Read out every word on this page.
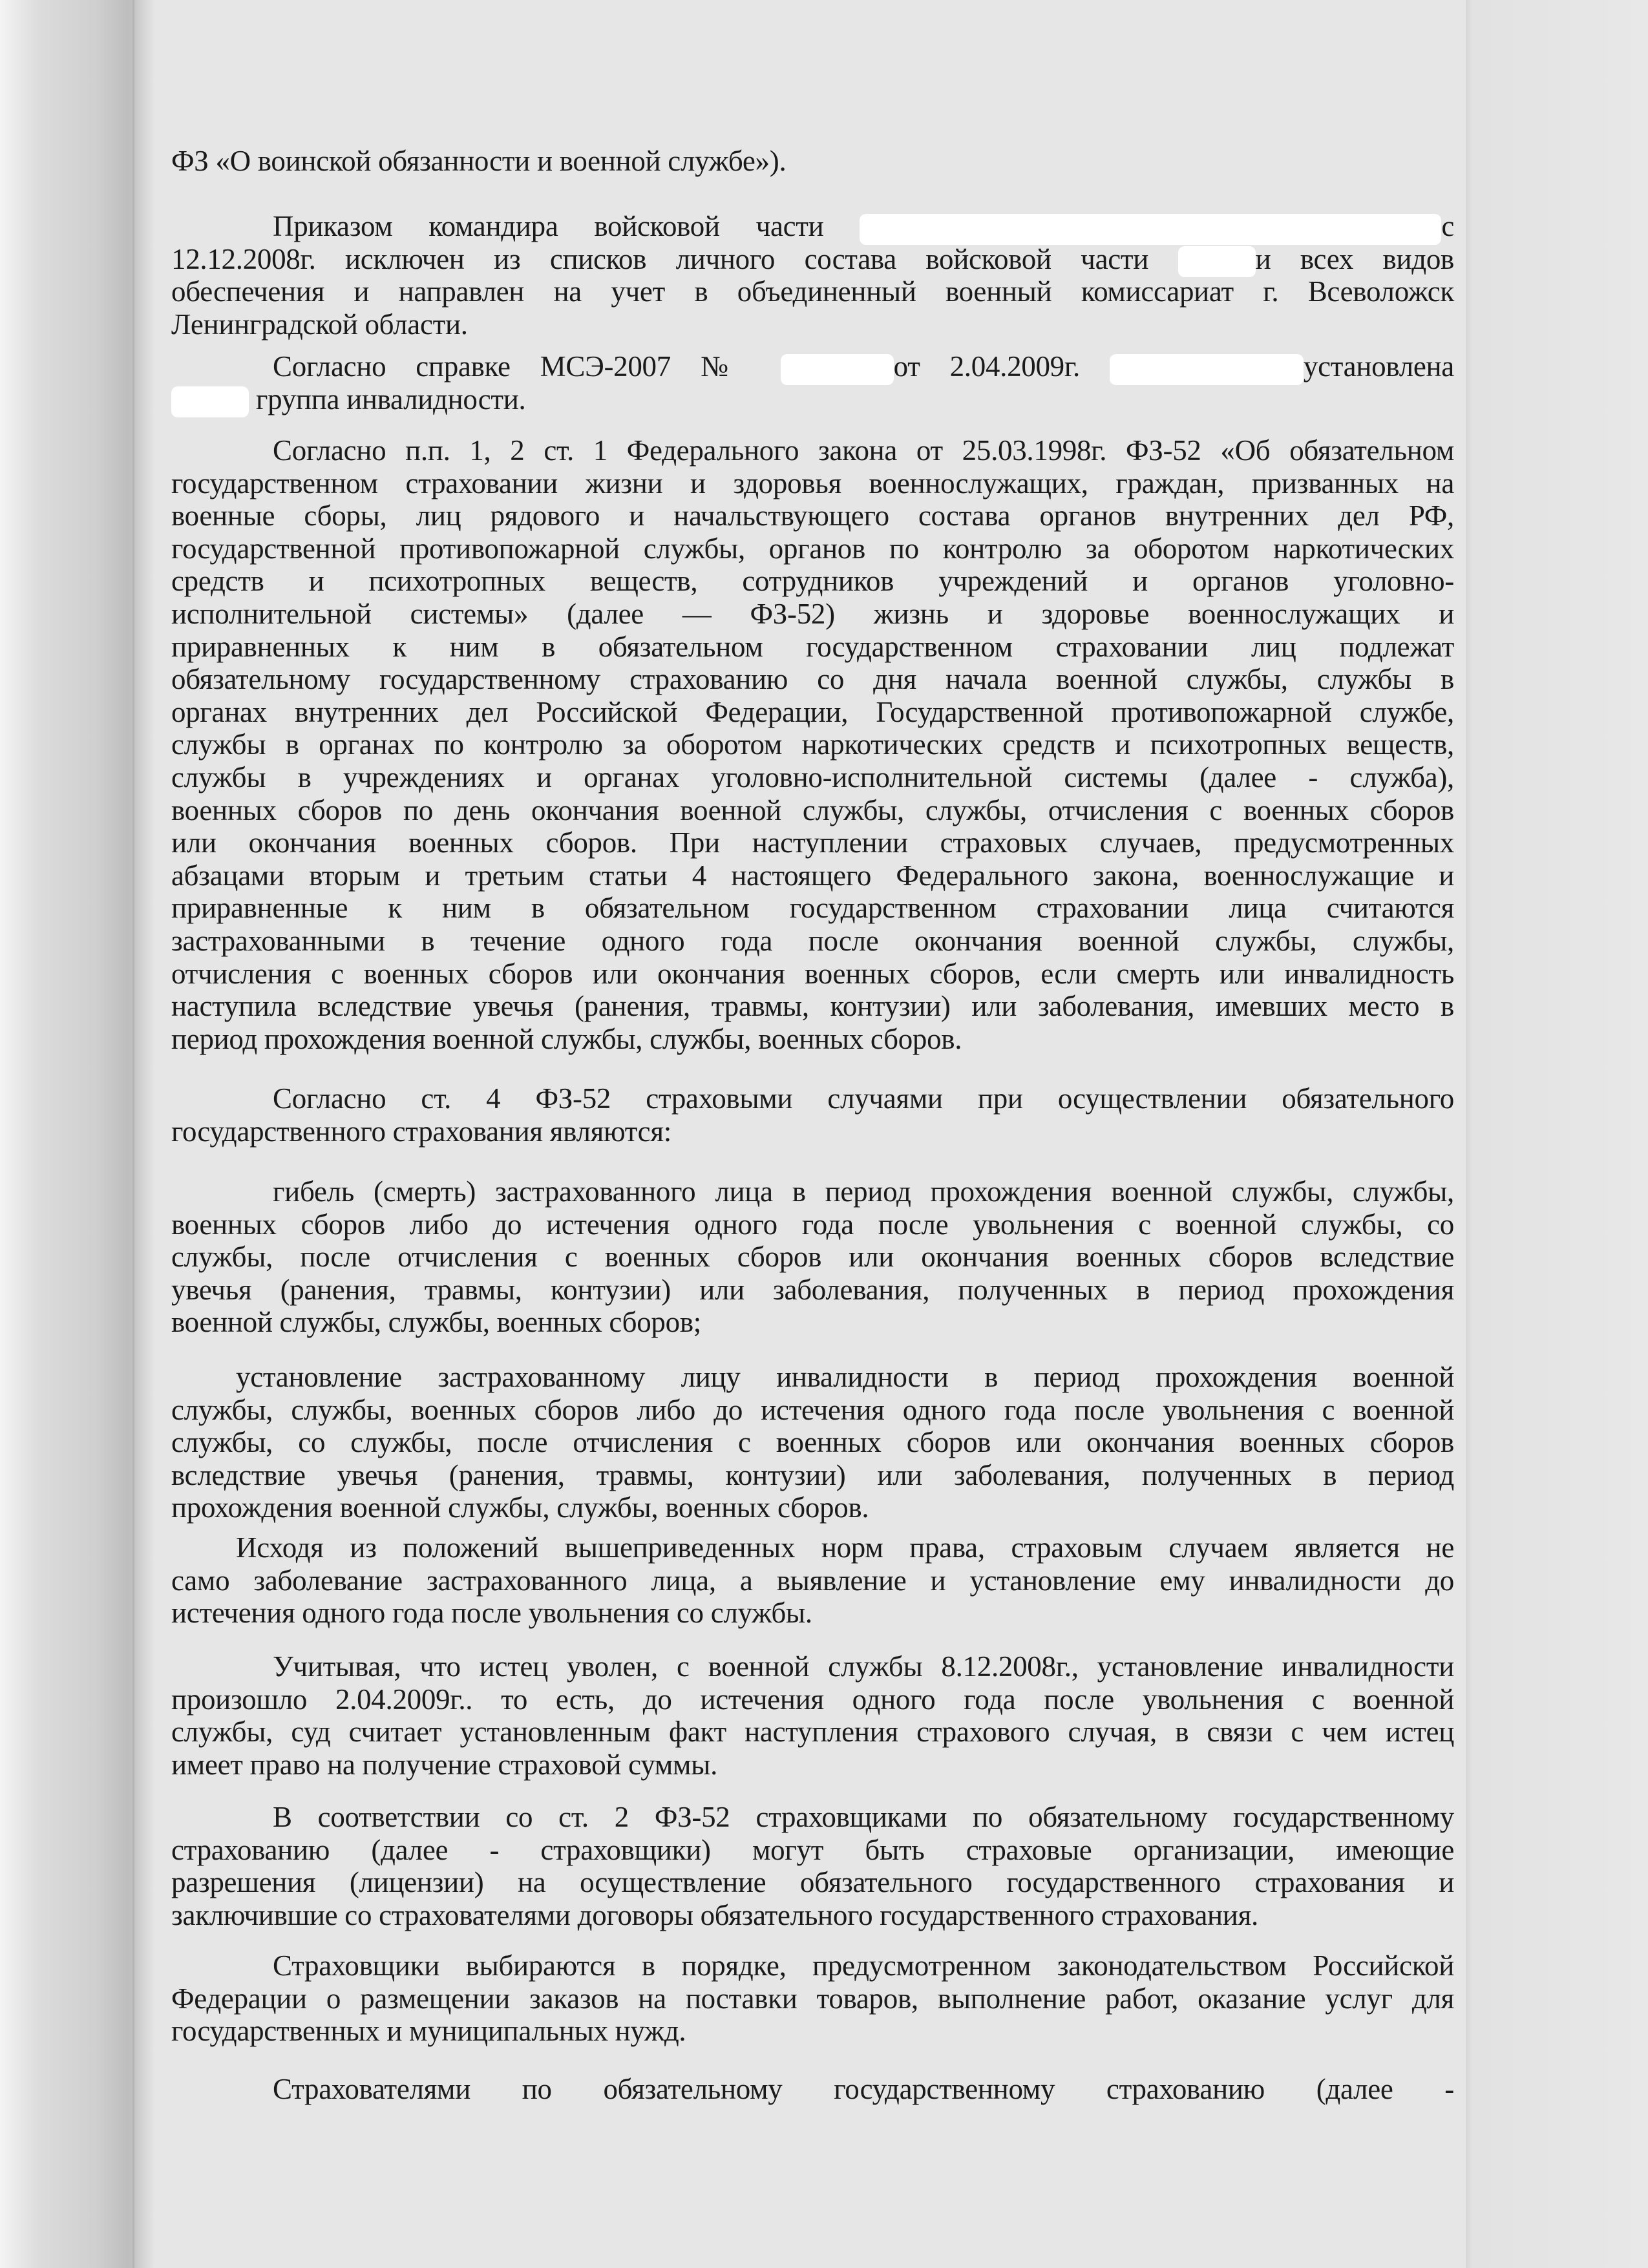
ФЗ «О воинской обязанности и военной службе»).
Приказом командира войсковой части	с
12.12.2008г. исключен из списков личного состава войсковой части	и всех видов
обеспечения и направлен на учет в объединенный военный комиссариат г. Всеволожск
Ленинградской области.
Согласно справке МСЭ-2007 №	от 2.04.2009г.	установлена
группа инвалидности.
Согласно п.п. 1, 2 ст. 1 Федерального закона от 25.03.1998г. ФЗ-52 «Об обязательном
государственном страховании жизни и здоровья военнослужащих, граждан, призванных на
военные сборы, лиц рядового и начальствующего состава органов внутренних дел РФ,
государственной противопожарной службы, органов по контролю за оборотом наркотических
средств и психотропных веществ, сотрудников учреждений и органов уголовно-
исполнительной системы» (далее — ФЗ-52) жизнь и здоровье военнослужащих и
приравненных к ним в обязательном государственном страховании лиц подлежат
обязательному государственному страхованию со дня начала военной службы, службы в
органах внутренних дел Российской Федерации, Государственной противопожарной службе,
службы в органах по контролю за оборотом наркотических средств и психотропных веществ,
службы в учреждениях и органах уголовно-исполнительной системы (далее - служба),
военных сборов по день окончания военной службы, службы, отчисления с военных сборов
или окончания военных сборов. При наступлении страховых случаев, предусмотренных
абзацами вторым и третьим статьи 4 настоящего Федерального закона, военнослужащие и
приравненные к ним в обязательном государственном страховании лица считаются
застрахованными в течение одного года после окончания военной службы, службы,
отчисления с военных сборов или окончания военных сборов, если смерть или инвалидность
наступила вследствие увечья (ранения, травмы, контузии) или заболевания, имевших место в
период прохождения военной службы, службы, военных сборов.
Согласно ст. 4 ФЗ-52 страховыми случаями при осуществлении обязательного
государственного страхования являются:
гибель (смерть) застрахованного лица в период прохождения военной службы, службы,
военных сборов либо до истечения одного года после увольнения с военной службы, со
службы, после отчисления с военных сборов или окончания военных сборов вследствие
увечья (ранения, травмы, контузии) или заболевания, полученных в период прохождения
военной службы, службы, военных сборов;
установление застрахованному лицу инвалидности в период прохождения военной
службы, службы, военных сборов либо до истечения одного года после увольнения с военной
службы, со службы, после отчисления с военных сборов или окончания военных сборов
вследствие увечья (ранения, травмы, контузии) или заболевания, полученных в период
прохождения военной службы, службы, военных сборов.
Исходя из положений вышеприведенных норм права, страховым случаем является не
само заболевание застрахованного лица, а выявление и установление ему инвалидности до
истечения одного года после увольнения со службы.
Учитывая, что истец уволен, с военной службы 8.12.2008г., установление инвалидности
произошло 2.04.2009г.. то есть, до истечения одного года после увольнения с военной
службы, суд считает установленным факт наступления страхового случая, в связи с чем истец
имеет право на получение страховой суммы.
В соответствии со ст. 2 ФЗ-52 страховщиками по обязательному государственному
страхованию (далее - страховщики) могут быть страховые организации, имеющие
разрешения (лицензии) на осуществление обязательного государственного страхования и
заключившие со страхователями договоры обязательного государственного страхования.
Страховщики выбираются в порядке, предусмотренном законодательством Российской
Федерации о размещении заказов на поставки товаров, выполнение работ, оказание услуг для
государственных и муниципальных нужд.
Страхователями по обязательному государственному страхованию (далее -
